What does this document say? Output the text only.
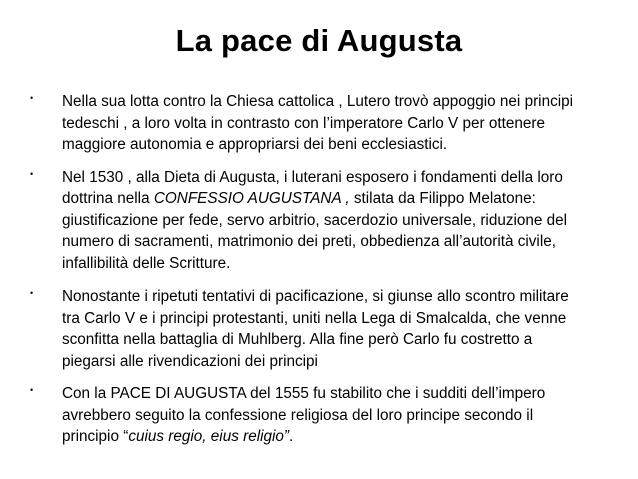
La pace di Augusta
• Nella sua lotta contro la Chiesa cattolica , Lutero trovò appoggio nei principi tedeschi , a loro volta in contrasto con l’imperatore Carlo V per ottenere maggiore autonomia e appropriarsi dei beni ecclesiastici.
• Nel 1530 , alla Dieta di Augusta, i luterani esposero i fondamenti della loro dottrina nella CONFESSIO AUGUSTANA , stilata da Filippo Melatone: giustificazione per fede, servo arbitrio, sacerdozio universale, riduzione del numero di sacramenti, matrimonio dei preti, obbedienza all’autorità civile, infallibilità delle Scritture.
• Nonostante i ripetuti tentativi di pacificazione, si giunse allo scontro militare tra Carlo V e i principi protestanti, uniti nella Lega di Smalcalda, che venne sconfitta nella battaglia di Muhlberg. Alla fine però Carlo fu costretto a piegarsi alle rivendicazioni dei principi
• Con la PACE DI AUGUSTA del 1555 fu stabilito che i sudditi dell’impero avrebbero seguito la confessione religiosa del loro principe secondo il principio “cuius regio, eius religio”.
